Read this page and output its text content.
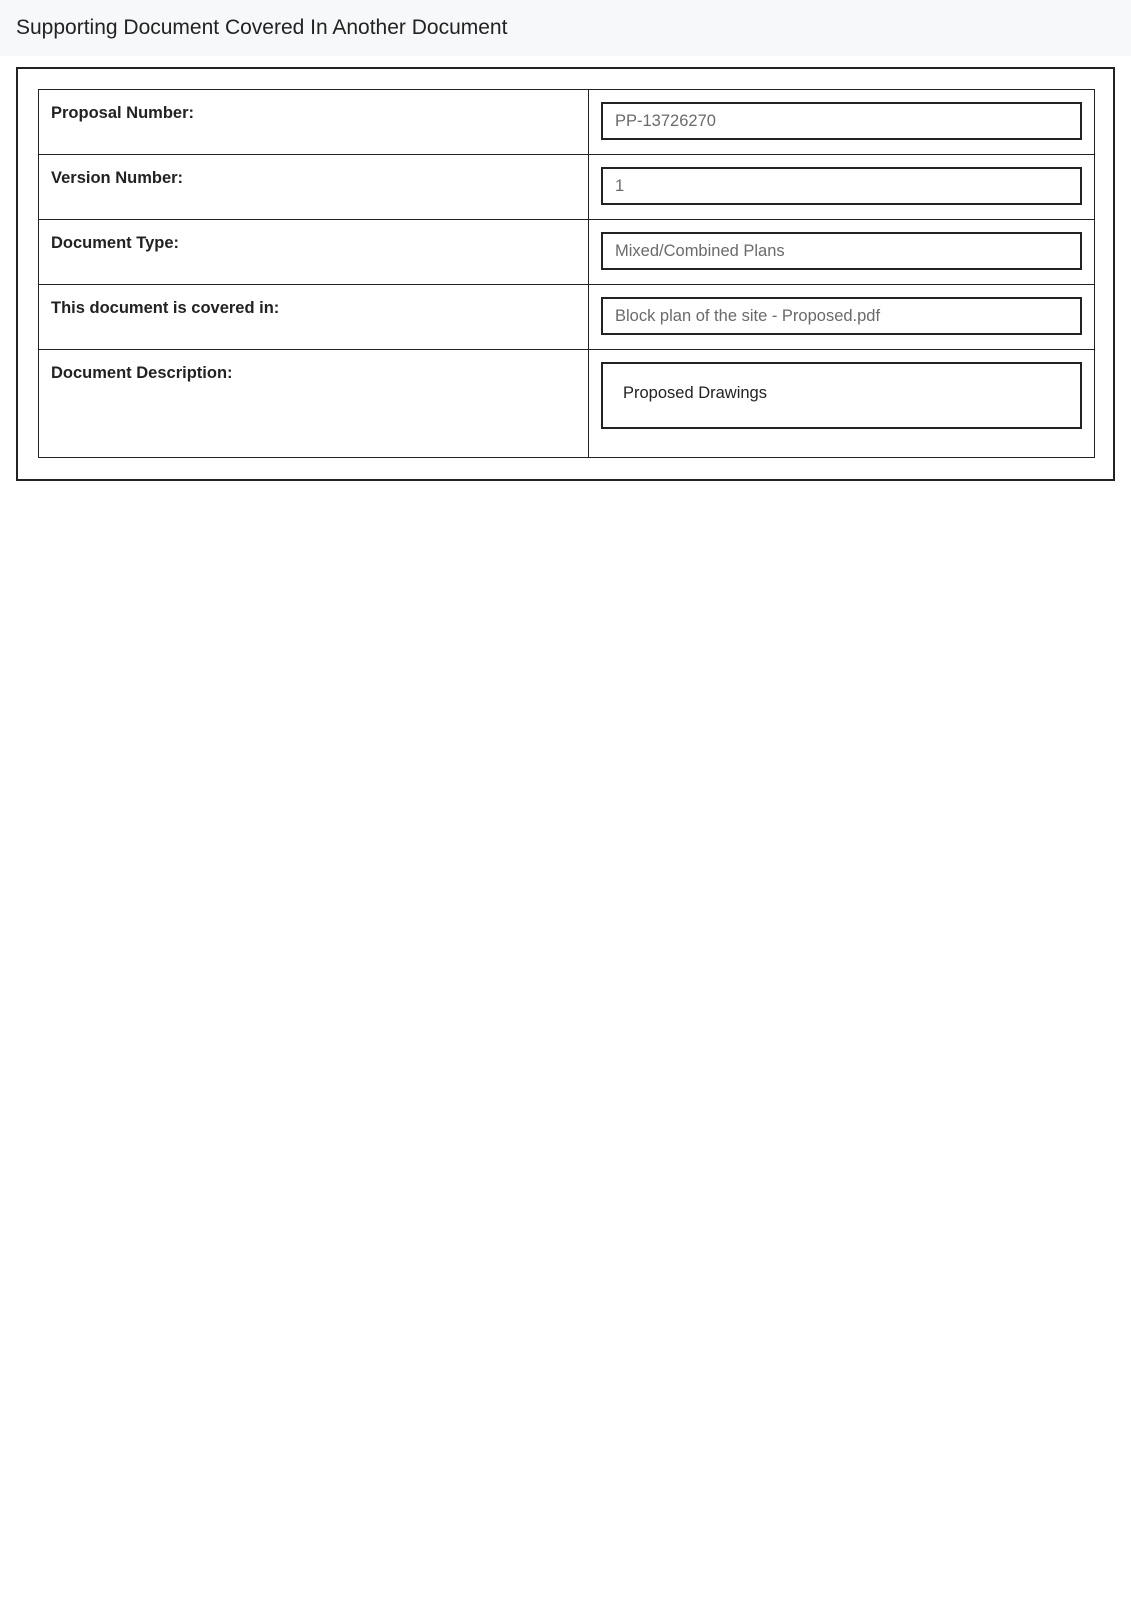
Supporting Document Covered In Another Document
Proposal Number:	PP-13726270

Version Number:	1

Document Type:	Mixed/Combined Plans

This document is covered in:	Block plan of the site - Proposed.pdf

Document Description:	Proposed Drawings
